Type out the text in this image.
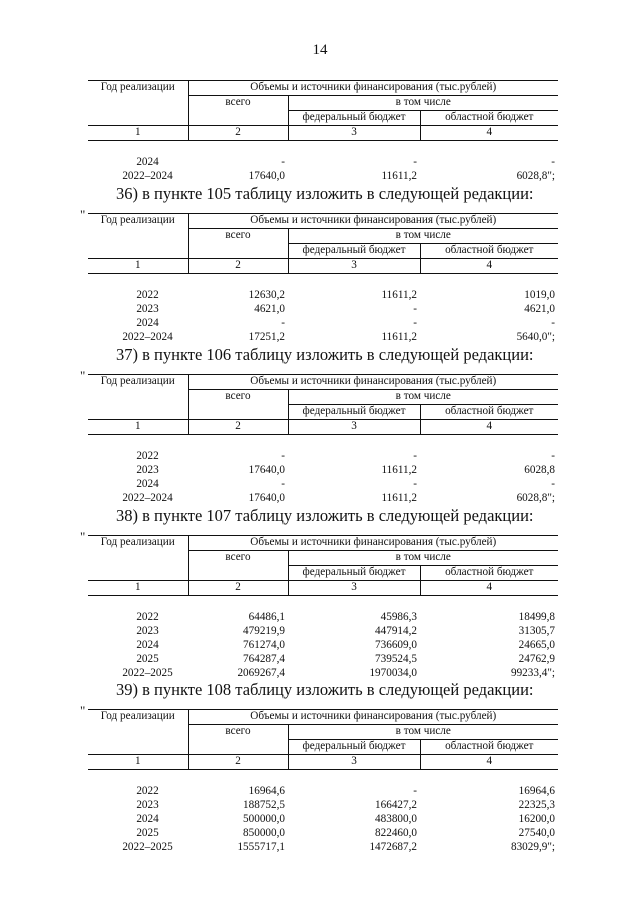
14
Год реализации	Объемы и источники финансирования (тыс.рублей)		
	всего	в том числе	
		федеральный бюджет	областной бюджет
1	2	3	4

2024	-	-	-
2022–2024	17640,0	11611,2	6028,8";
36) в пункте 105 таблицу изложить в следующей редакции:
" Год реализации	Объемы и источники финансирования (тыс.рублей)		
	всего	в том числе	
		федеральный бюджет	областной бюджет
1	2	3	4

2022	12630,2	11611,2	1019,0
2023	4621,0	-	4621,0
2024	-	-	-
2022–2024	17251,2	11611,2	5640,0";
37) в пункте 106 таблицу изложить в следующей редакции:
" Год реализации	Объемы и источники финансирования (тыс.рублей)		
	всего	в том числе	
		федеральный бюджет	областной бюджет
1	2	3	4

2022	-	-	-
2023	17640,0	11611,2	6028,8
2024	-	-	-
2022–2024	17640,0	11611,2	6028,8";
38) в пункте 107 таблицу изложить в следующей редакции:
" Год реализации	Объемы и источники финансирования (тыс.рублей)		
	всего	в том числе	
		федеральный бюджет	областной бюджет
1	2	3	4

2022	64486,1	45986,3	18499,8
2023	479219,9	447914,2	31305,7
2024	761274,0	736609,0	24665,0
2025	764287,4	739524,5	24762,9
2022–2025	2069267,4	1970034,0	99233,4";
39) в пункте 108 таблицу изложить в следующей редакции:
" Год реализации	Объемы и источники финансирования (тыс.рублей)		
	всего	в том числе	
		федеральный бюджет	областной бюджет
1	2	3	4

2022	16964,6	-	16964,6
2023	188752,5	166427,2	22325,3
2024	500000,0	483800,0	16200,0
2025	850000,0	822460,0	27540,0
2022–2025	1555717,1	1472687,2	83029,9";
